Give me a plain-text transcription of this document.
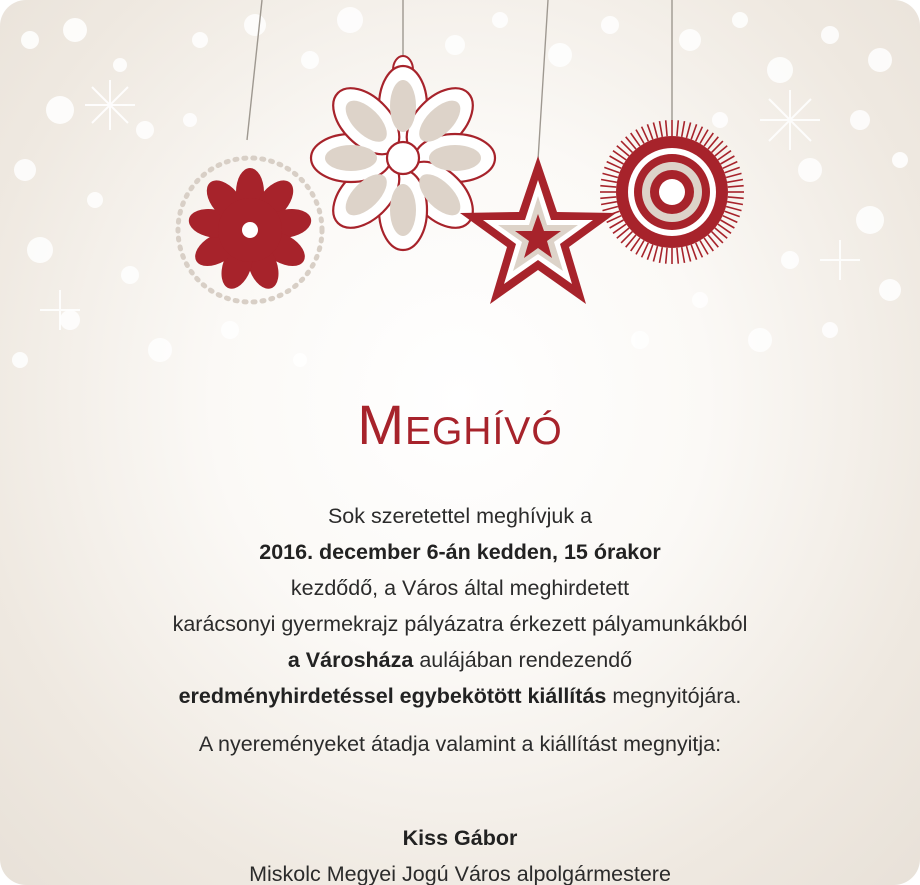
Meghívó
Sok szeretettel meghívjuk a
2016. december 6-án kedden, 15 órakor
kezdődő, a Város által meghirdetett
karácsonyi gyermekrajz pályázatra érkezett pályamunkákból
a Városháza aulájában rendezendő
eredményhirdetéssel egybekötött kiállítás megnyitójára.
A nyereményeket átadja valamint a kiállítást megnyitja:
Kiss Gábor
Miskolc Megyei Jogú Város alpolgármestere
